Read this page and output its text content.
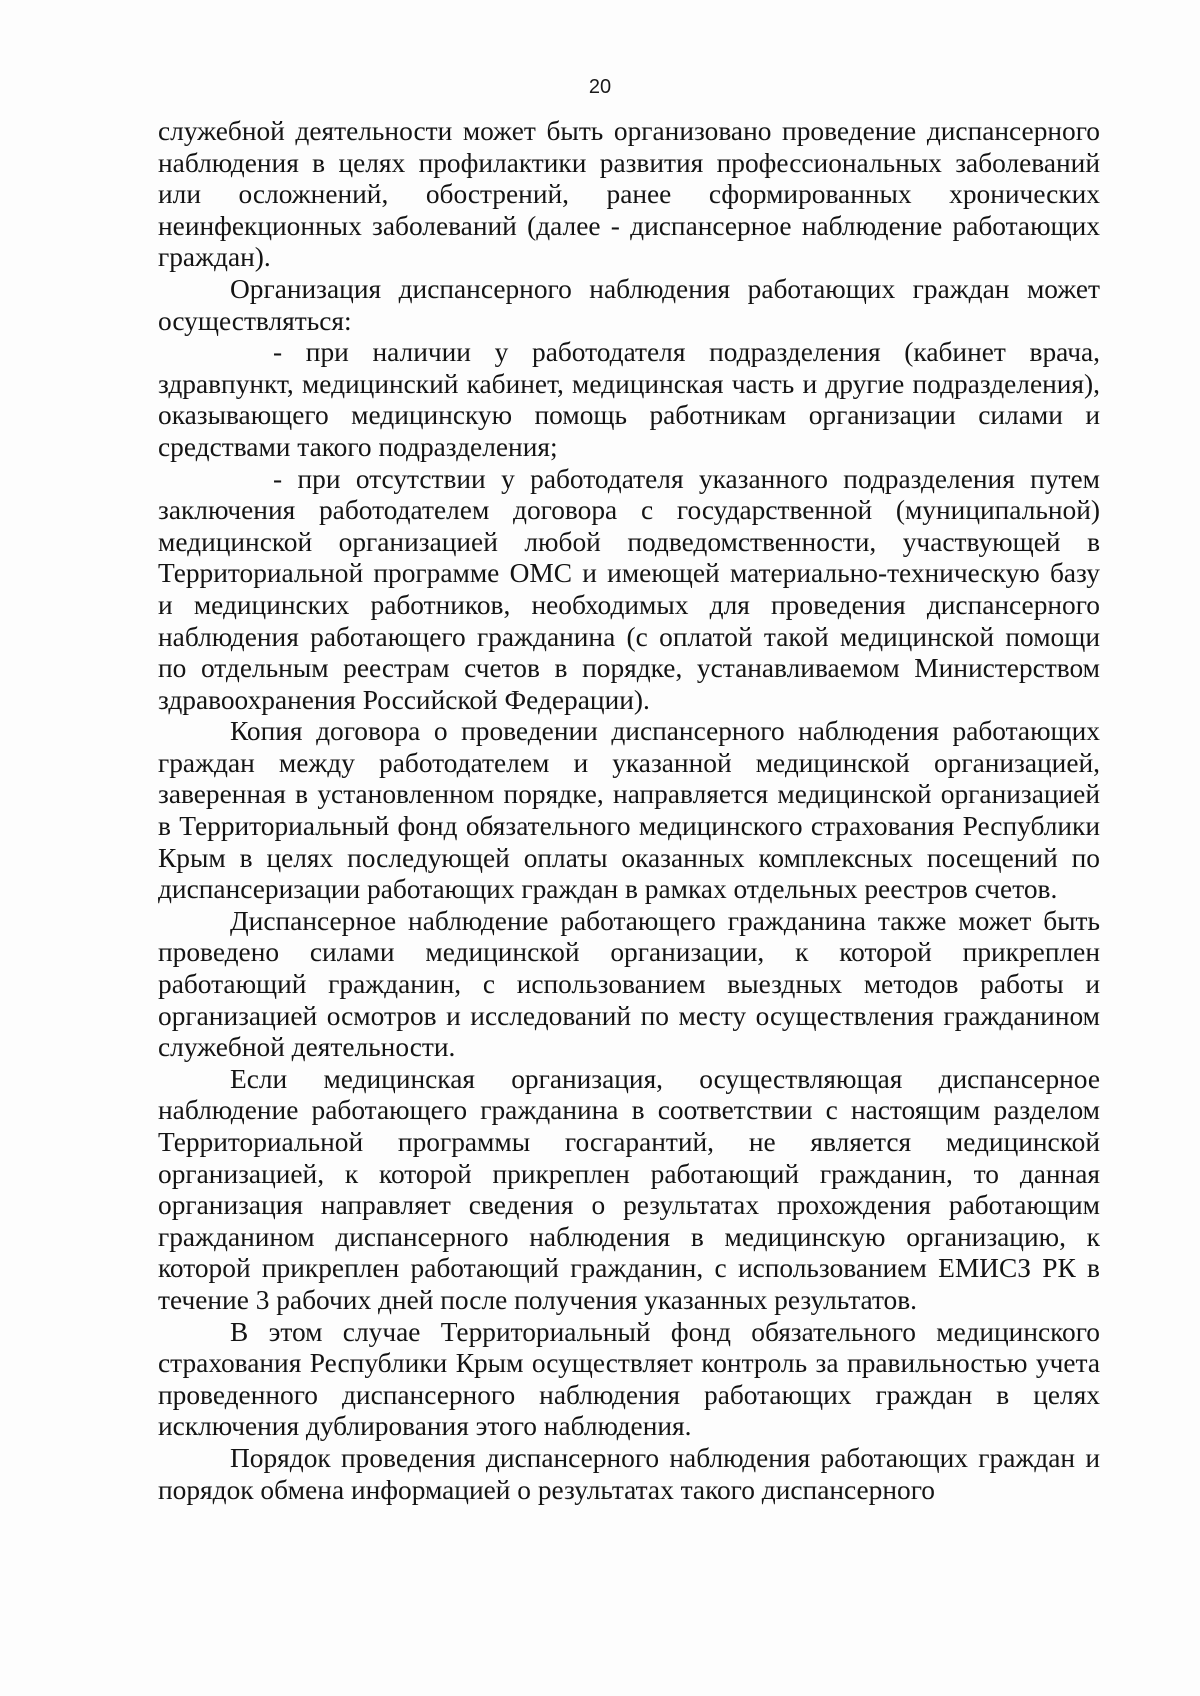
20

служебной деятельности может быть организовано проведение диспансерного наблюдения в целях профилактики развития профессиональных заболеваний или осложнений, обострений, ранее сформированных хронических неинфекционных заболеваний (далее - диспансерное наблюдение работающих граждан).

Организация диспансерного наблюдения работающих граждан может осуществляться:

- при наличии у работодателя подразделения (кабинет врача, здравпункт, медицинский кабинет, медицинская часть и другие подразделения), оказывающего медицинскую помощь работникам организации силами и средствами такого подразделения;

- при отсутствии у работодателя указанного подразделения путем заключения работодателем договора с государственной (муниципальной) медицинской организацией любой подведомственности, участвующей в Территориальной программе ОМС и имеющей материально-техническую базу и медицинских работников, необходимых для проведения диспансерного наблюдения работающего гражданина (с оплатой такой медицинской помощи по отдельным реестрам счетов в порядке, устанавливаемом Министерством здравоохранения Российской Федерации).

Копия договора о проведении диспансерного наблюдения работающих граждан между работодателем и указанной медицинской организацией, заверенная в установленном порядке, направляется медицинской организацией в Территориальный фонд обязательного медицинского страхования Республики Крым в целях последующей оплаты оказанных комплексных посещений по диспансеризации работающих граждан в рамках отдельных реестров счетов.

Диспансерное наблюдение работающего гражданина также может быть проведено силами медицинской организации, к которой прикреплен работающий гражданин, с использованием выездных методов работы и организацией осмотров и исследований по месту осуществления гражданином служебной деятельности.

Если медицинская организация, осуществляющая диспансерное наблюдение работающего гражданина в соответствии с настоящим разделом Территориальной программы госгарантий, не является медицинской организацией, к которой прикреплен работающий гражданин, то данная организация направляет сведения о результатах прохождения работающим гражданином диспансерного наблюдения в медицинскую организацию, к которой прикреплен работающий гражданин, с использованием ЕМИСЗ РК в течение 3 рабочих дней после получения указанных результатов.

В этом случае Территориальный фонд обязательного медицинского страхования Республики Крым осуществляет контроль за правильностью учета проведенного диспансерного наблюдения работающих граждан в целях исключения дублирования этого наблюдения.

Порядок проведения диспансерного наблюдения работающих граждан и порядок обмена информацией о результатах такого диспансерного
